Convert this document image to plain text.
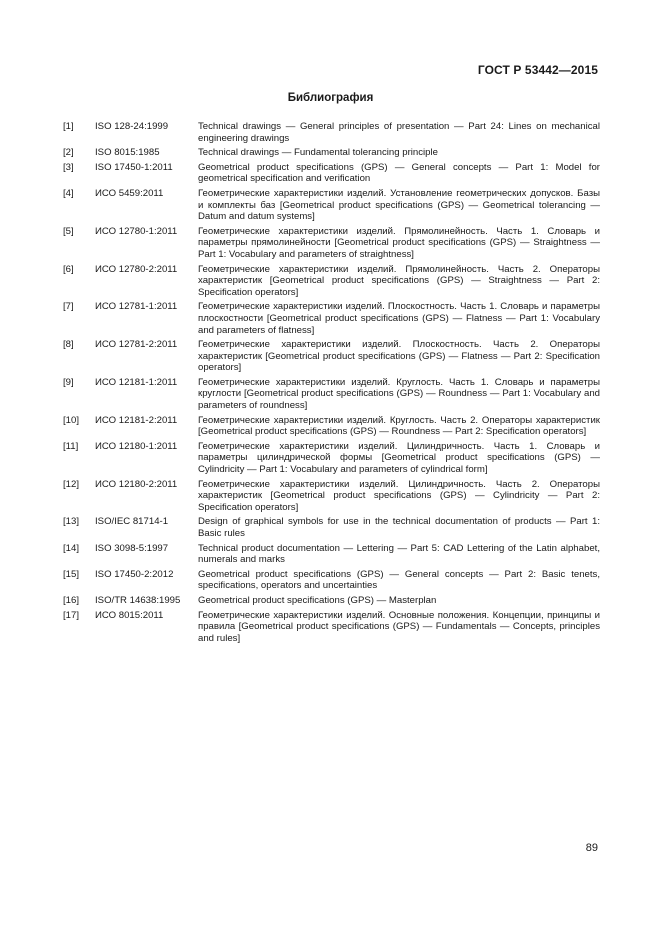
ГОСТ Р 53442—2015
Библиография
[1]	ISO 128-24:1999	Technical drawings — General principles of presentation — Part 24: Lines on mechanical engineering drawings
[2]	ISO 8015:1985	Technical drawings — Fundamental tolerancing principle
[3]	ISO 17450-1:2011	Geometrical product specifications (GPS) — General concepts — Part 1: Model for geometrical specification and verification
[4]	ИСО 5459:2011	Геометрические характеристики изделий. Установление геометрических допусков. Базы и комплекты баз [Geometrical product specifications (GPS) — Geometrical tolerancing — Datum and datum systems]
[5]	ИСО 12780-1:2011	Геометрические характеристики изделий. Прямолинейность. Часть 1. Словарь и параметры прямолинейности [Geometrical product specifications (GPS) — Straightness — Part 1: Vocabulary and parameters of straightness]
[6]	ИСО 12780-2:2011	Геометрические характеристики изделий. Прямолинейность. Часть 2. Операторы характеристик [Geometrical product specifications (GPS) — Straightness — Part 2: Specification operators]
[7]	ИСО 12781-1:2011	Геометрические характеристики изделий. Плоскостность. Часть 1. Словарь и параметры плоскостности [Geometrical product specifications (GPS) — Flatness — Part 1: Vocabulary and parameters of flatness]
[8]	ИСО 12781-2:2011	Геометрические характеристики изделий. Плоскостность. Часть 2. Операторы характеристик [Geometrical product specifications (GPS) — Flatness — Part 2: Specification operators]
[9]	ИСО 12181-1:2011	Геометрические характеристики изделий. Круглость. Часть 1. Словарь и параметры круглости [Geometrical product specifications (GPS) — Roundness — Part 1: Vocabulary and parameters of roundness]
[10]	ИСО 12181-2:2011	Геометрические характеристики изделий. Круглость. Часть 2. Операторы характеристик [Geometrical product specifications (GPS) — Roundness — Part 2: Specification operators]
[11]	ИСО 12180-1:2011	Геометрические характеристики изделий. Цилиндричность. Часть 1. Словарь и параметры цилиндрической формы [Geometrical product specifications (GPS) — Cylindricity — Part 1: Vocabulary and parameters of cylindrical form]
[12]	ИСО 12180-2:2011	Геометрические характеристики изделий. Цилиндричность. Часть 2. Операторы характеристик [Geometrical product specifications (GPS) — Cylindricity — Part 2: Specification operators]
[13]	ISO/IEC 81714-1	Design of graphical symbols for use in the technical documentation of products — Part 1: Basic rules
[14]	ISO 3098-5:1997	Technical product documentation — Lettering — Part 5: CAD Lettering of the Latin alphabet, numerals and marks
[15]	ISO 17450-2:2012	Geometrical product specifications (GPS) — General concepts — Part 2: Basic tenets, specifications, operators and uncertainties
[16]	ISO/TR 14638:1995	Geometrical product specifications (GPS) — Masterplan
[17]	ИСО 8015:2011	Геометрические характеристики изделий. Основные положения. Концепции, принципы и правила [Geometrical product specifications (GPS) — Fundamentals — Concepts, principles and rules]
89
